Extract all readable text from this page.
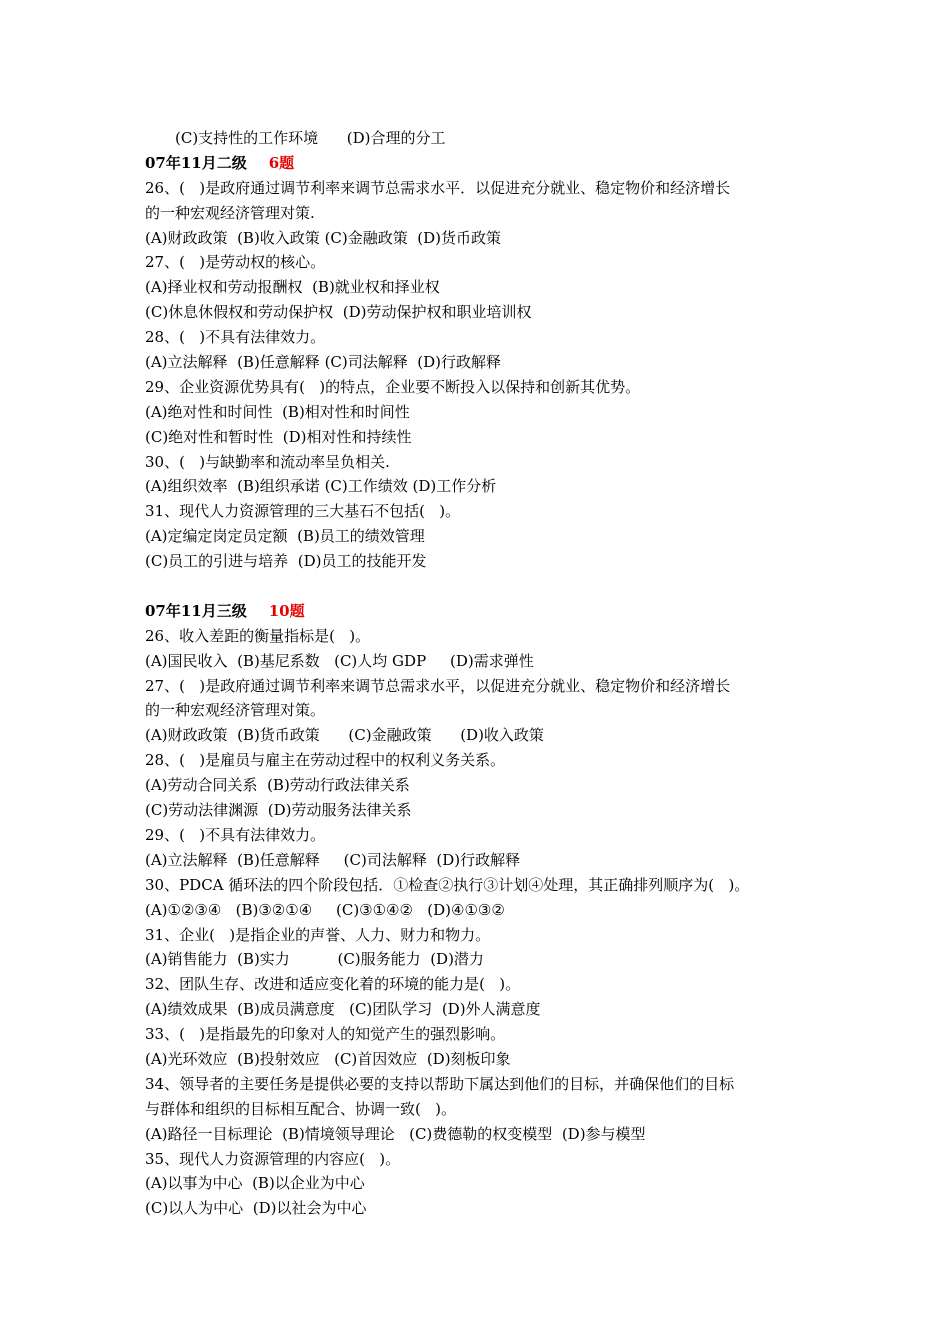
(C)支持性的工作环境      (D)合理的分工
07年11月二级 6题
26、(   )是政府通过调节利率来调节总需求水平．以促进充分就业、稳定物价和经济增长
的一种宏观经济管理对策.
(A)财政政策  (B)收入政策 (C)金融政策  (D)货币政策
27、(   )是劳动权的核心。
(A)择业权和劳动报酬权  (B)就业权和择业权
(C)休息休假权和劳动保护权  (D)劳动保护权和职业培训权
28、(   )不具有法律效力。
(A)立法解释  (B)任意解释 (C)司法解释  (D)行政解释
29、企业资源优势具有(   )的特点，企业要不断投入以保持和创新其优势。
(A)绝对性和时间性  (B)相对性和时间性
(C)绝对性和暂时性  (D)相对性和持续性
30、(   )与缺勤率和流动率呈负相关.
(A)组织效率  (B)组织承诺 (C)工作绩效 (D)工作分析
31、现代人力资源管理的三大基石不包括(   )。
(A)定编定岗定员定额  (B)员工的绩效管理
(C)员工的引进与培养  (D)员工的技能开发
07年11月三级 10题
26、收入差距的衡量指标是(   )。
(A)国民收入  (B)基尼系数   (C)人均 GDP     (D)需求弹性
27、(   )是政府通过调节利率来调节总需求水平，以促进充分就业、稳定物价和经济增长
的一种宏观经济管理对策。
(A)财政政策  (B)货币政策      (C)金融政策      (D)收入政策
28、(   )是雇员与雇主在劳动过程中的权利义务关系。
(A)劳动合同关系  (B)劳动行政法律关系
(C)劳动法律渊源  (D)劳动服务法律关系
29、(   )不具有法律效力。
(A)立法解释  (B)任意解释     (C)司法解释  (D)行政解释
30、PDCA 循环法的四个阶段包括．①检查②执行③计划④处理，其正确排列顺序为(   )。
(A)①②③④   (B)③②①④     (C)③①④②   (D)④①③②
31、企业(   )是指企业的声誉、人力、财力和物力。
(A)销售能力  (B)实力          (C)服务能力  (D)潜力
32、团队生存、改进和适应变化着的环境的能力是(   )。
(A)绩效成果  (B)成员满意度   (C)团队学习  (D)外人满意度
33、(   )是指最先的印象对人的知觉产生的强烈影响。
(A)光环效应  (B)投射效应   (C)首因效应  (D)刻板印象
34、领导者的主要任务是提供必要的支持以帮助下属达到他们的目标，并确保他们的目标
与群体和组织的目标相互配合、协调一致(   )。
(A)路径一目标理论  (B)情境领导理论   (C)费德勒的权变模型  (D)参与模型
35、现代人力资源管理的内容应(   )。
(A)以事为中心  (B)以企业为中心
(C)以人为中心  (D)以社会为中心
